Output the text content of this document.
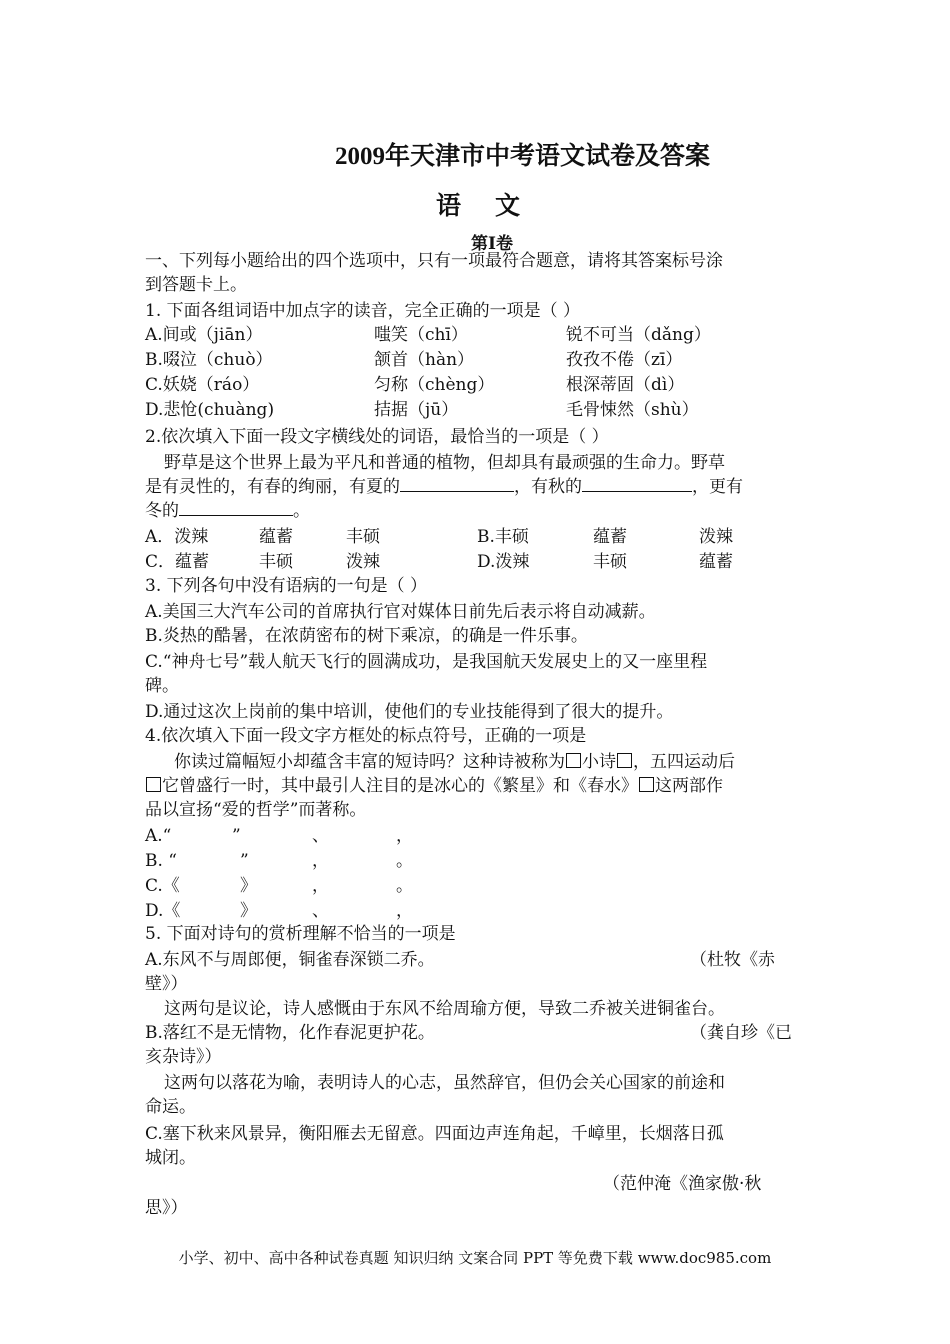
2009年天津市中考语文试卷及答案
语文
第Ⅰ卷
一、下列每小题给出的四个选项中，只有一项最符合题意，请将其答案标号涂
到答题卡上。
1. 下面各组词语中加点字的读音，完全正确的一项是（ ）
A.间或（jiān）	嗤笑（chī）	锐不可当（dǎng）
B.啜泣（chuò）	颔首（hàn）	孜孜不倦（zī）
C.妖娆（ráo）	匀称（chèng）	根深蒂固（dì）
D.悲怆(chuàng)	拮据（jū）	毛骨悚然（shù）
2.依次填入下面一段文字横线处的词语，最恰当的一项是（ ）
野草是这个世界上最为平凡和普通的植物，但却具有最顽强的生命力。野草
是有灵性的，有春的绚丽，有夏的	，有秋的	，更有
冬的	。
A．泼辣	蕴蓄	丰硕	B.丰硕	蕴蓄	泼辣
C．蕴蓄	丰硕	泼辣	D.泼辣	丰硕	蕴蓄
3. 下列各句中没有语病的一句是（ ）
A.美国三大汽车公司的首席执行官对媒体日前先后表示将自动减薪。
B.炎热的酷暑，在浓荫密布的树下乘凉，的确是一件乐事。
C.“神舟七号”载人航天飞行的圆满成功，是我国航天发展史上的又一座里程
碑。
D.通过这次上岗前的集中培训，使他们的专业技能得到了很大的提升。
4.依次填入下面一段文字方框处的标点符号，正确的一项是
你读过篇幅短小却蕴含丰富的短诗吗？这种诗被称为 小诗 ，五四运动后
它曾盛行一时，其中最引人注目的是冰心的《繁星》和《春水》 这两部作
品以宣扬“爱的哲学”而著称。
A.“	”	、	，
B. “	”	，	。
C.《	》	，	。
D.《	》	、	，
5. 下面对诗句的赏析理解不恰当的一项是
A.东风不与周郎便，铜雀春深锁二乔。	（杜牧《赤
壁》）
这两句是议论，诗人感慨由于东风不给周瑜方便，导致二乔被关进铜雀台。
B.落红不是无情物，化作春泥更护花。	（龚自珍《已
亥杂诗》）
这两句以落花为喻，表明诗人的心志，虽然辞官，但仍会关心国家的前途和
命运。
C.塞下秋来风景异，衡阳雁去无留意。四面边声连角起，千嶂里，长烟落日孤
城闭。
（范仲淹《渔家傲·秋
思》）
小学、初中、高中各种试卷真题 知识归纳 文案合同 PPT 等免费下载 www.doc985.com
